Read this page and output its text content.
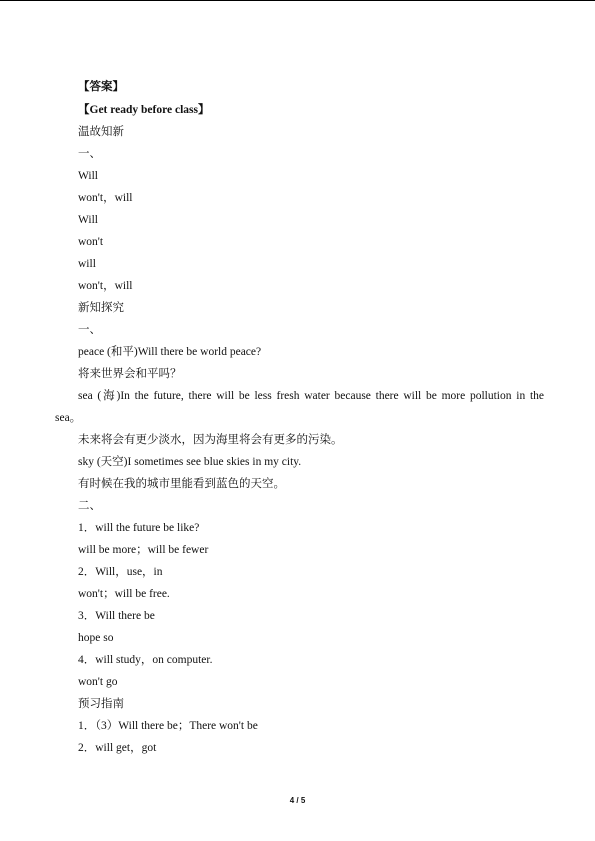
【答案】
【Get ready before class】
温故知新
一、
Will
won't，will
Will
won't
will
won't，will
新知探究
一、
peace (和平)Will there be world peace?
将来世界会和平吗？
sea (海)In the future, there will be less fresh water because there will be more pollution in the
sea。
未来将会有更少淡水，因为海里将会有更多的污染。
sky (天空)I sometimes see blue skies in my city.
有时候在我的城市里能看到蓝色的天空。
二、
1．will the future be like?
will be more；will be fewer
2．Will，use，in
won't；will be free.
3．Will there be
hope so
4．will study，on computer.
won't go
预习指南
1．（3）Will there be；There won't be
2．will get，got
4 / 5
